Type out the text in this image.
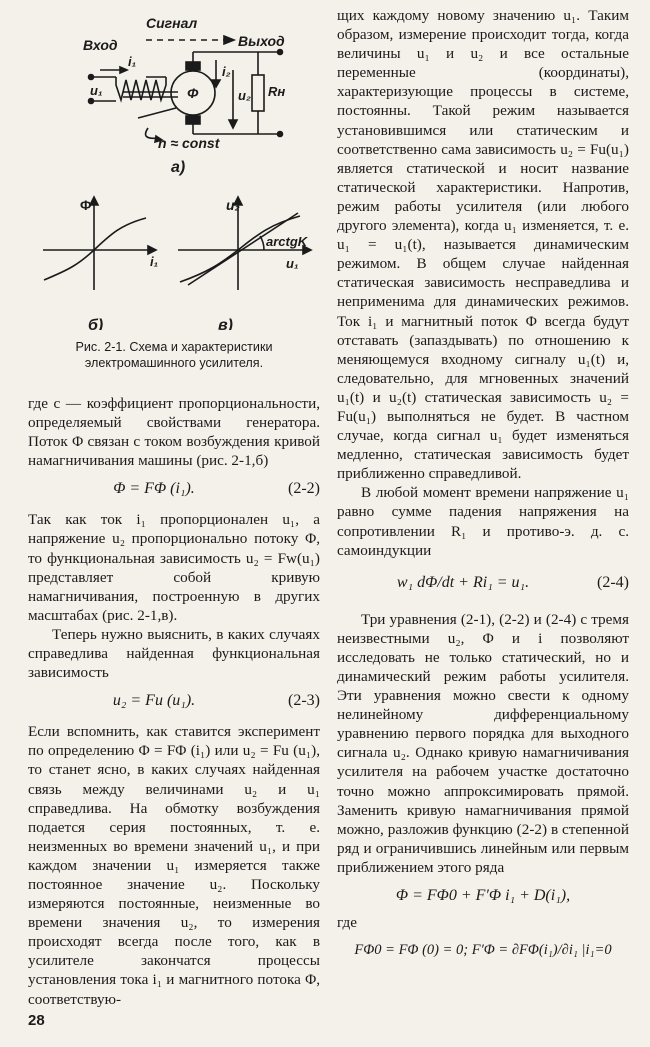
Сигнал
Вход	Выход
i₁
u₁	Φ
i₂
u₂ Rн
n ≈ const
а)
Φ
i₁
б)
u₂
arctgK
u₁
в)
Рис. 2-1. Схема и характеристики электромашинного усилителя.

где c — коэффициент пропорциональности, определяемый свойствами генератора. Поток Φ связан с током возбуждения кривой намагничивания машины (рис. 2-1,б)

Φ = FΦ (i₁).	(2-2)

Так как ток i₁ пропорционален u₁, а напряжение u₂ пропорционально потоку Φ, то функциональная зависимость u₂ = Fw(u₁) представляет собой кривую намагничивания, построенную в других масштабах (рис. 2-1,в).

Теперь нужно выяснить, в каких случаях справедлива найденная функциональная зависимость

u₂ = Fu (u₁).	(2-3)

Если вспомнить, как ставится эксперимент по определению Φ = FΦ (i₁) или u₂ = Fu (u₁), то станет ясно, в каких случаях найденная связь между величинами u₂ и u₁ справедлива. На обмотку возбуждения подается серия постоянных, т. е. неизменных во времени значений u₁, и при каждом значении u₁ измеряется также постоянное значение u₂. Поскольку измеряются постоянные, неизменные во времени значения u₂, то измерения происходят всегда после того, как в усилителе закончатся процессы установления тока i₁ и магнитного потока Φ, соответствую-

щих каждому новому значению u₁. Таким образом, измерение происходит тогда, когда величины u₁ и u₂ и все остальные переменные (координаты), характеризующие процессы в системе, постоянны. Такой режим называется установившимся или статическим и соответственно сама зависимость u₂ = Fu(u₁) является статической и носит название статической характеристики. Напротив, режим работы усилителя (или любого другого элемента), когда u₁ изменяется, т. е. u₁ = u₁(t), называется динамическим режимом. В общем случае найденная статическая зависимость несправедлива и неприменима для динамических режимов. Ток i₁ и магнитный поток Φ всегда будут отставать (запаздывать) по отношению к меняющемуся входному сигналу u₁(t) и, следовательно, для мгновенных значений u₁(t) и u₂(t) статическая зависимость u₂ = Fu(u₁) выполняться не будет. В частном случае, когда сигнал u₁ будет изменяться медленно, статическая зависимость будет приближенно справедливой.

В любой момент времени напряжение u₁ равно сумме падения напряжения на сопротивлении R₁ и противо-э. д. с. самоиндукции

w₁ dΦ/dt + Ri₁ = u₁.	(2-4)

Три уравнения (2-1), (2-2) и (2-4) с тремя неизвестными u₂, Φ и i позволяют исследовать не только статический, но и динамический режим работы усилителя. Эти уравнения можно свести к одному нелинейному дифференциальному уравнению первого порядка для выходного сигнала u₂. Однако кривую намагничивания усилителя на рабочем участке достаточно точно можно аппроксимировать прямой. Заменить кривую намагничивания прямой можно, разложив функцию (2-2) в степенной ряд и ограничившись линейным или первым приближением этого ряда

Φ = FΦ0 + F′Φ i₁ + D(i₁),

где

FΦ0 = FΦ (0) = 0; F′Φ = ∂FΦ(i₁)/∂i₁ |i₁=0
28
